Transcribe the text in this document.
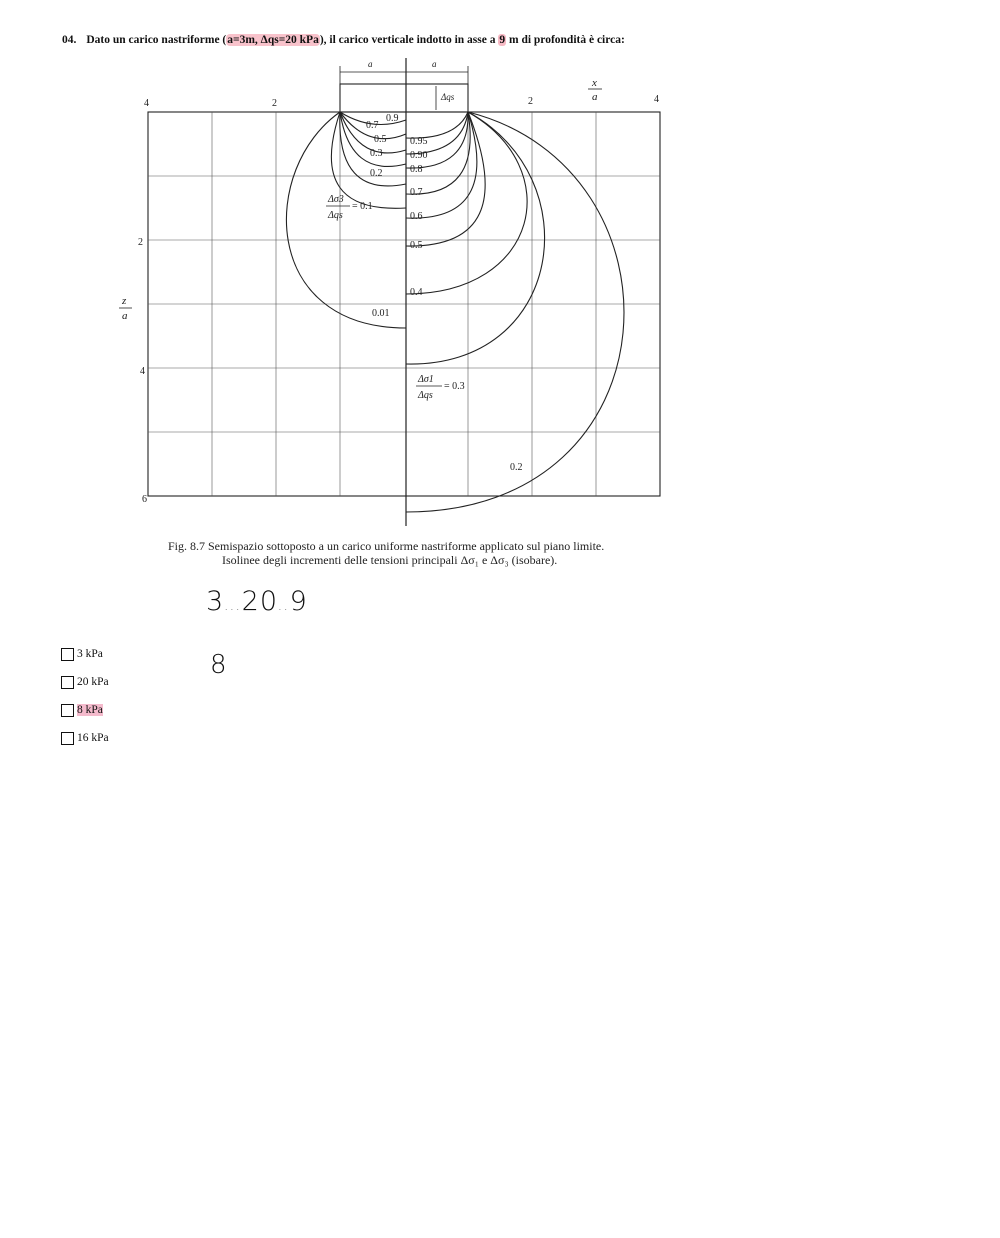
04. Dato un carico nastriforme (a=3m, Δqs=20 kPa), il carico verticale indotto in asse a 9 m di profondità è circa:
a	a
Δqs
4	2	2	4
x
a
2
4
6
z
a
0.9
0.7
0.5
0.3
0.2
0.01
Δσ3
Δqs
= 0.1
0.95
0.90
0.8
0.7
0.6
0.5
0.4
0.2
Δσ1
Δqs
= 0.3
Fig. 8.7 Semispazio sottoposto a un carico uniforme nastriforme applicato sul piano limite.
Isolinee degli incrementi delle tensioni principali Δσ₁ e Δσ₃ (isobare).
3...20..9
8
3 kPa
20 kPa
8 kPa
16 kPa
